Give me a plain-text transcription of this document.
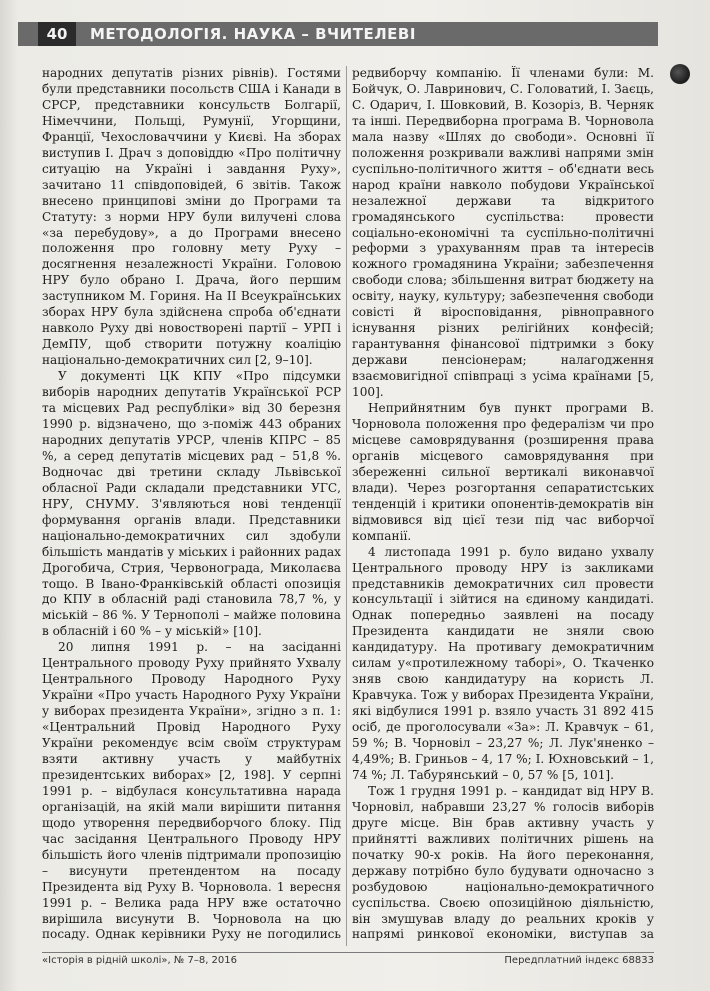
40	МЕТОДОЛОГІЯ. НАУКА – ВЧИТЕЛЕВІ

народних депутатів різних рівнів). Гостями були представники посольств США і Канади в СРСР, представники консульств Болгарії, Німеччини, Польщі, Румунії, Угорщини, Франції, Чехословаччини у Києві. На зборах виступив І. Драч з доповіддю «Про політичну ситуацію на Україні і завдання Руху», зачитано 11 співдоповідей, 6 звітів. Також внесено принципові зміни до Програми та Статуту: з норми НРУ були вилучені слова «за перебудову», а до Програми внесено положення про головну мету Руху – досягнення незалежності України. Головою НРУ було обрано І. Драча, його першим заступником М. Гориня. На II Всеукраїнських зборах НРУ була здійснена спроба об'єднати навколо Руху дві новостворені партії – УРП і ДемПУ, щоб створити потужну коаліцію національно-демократичних сил [2, 9–10].

У документі ЦК КПУ «Про підсумки виборів народних депутатів Української РСР та місцевих Рад республіки» від 30 березня 1990 р. відзначено, що з-поміж 443 обраних народних депутатів УРСР, членів КПРС – 85 %, а серед депутатів місцевих рад – 51,8 %. Водночас дві третини складу Львівської обласної Ради складали представники УГС, НРУ, СНУМУ. З'являються нові тенденції формування органів влади. Представники національно-демократичних сил здобули більшість мандатів у міських і районних радах Дрогобича, Стрия, Червонограда, Миколаєва тощо. В Івано-Франківській області опозиція до КПУ в обласній раді становила 78,7 %, у міській – 86 %. У Тернополі – майже половина в обласній і 60 % – у міській» [10].

20 липня 1991 р. – на засіданні Центрального проводу Руху прийнято Ухвалу Центрального Проводу Народного Руху України «Про участь Народного Руху України у виборах президента України», згідно з п. 1: «Центральний Провід Народного Руху України рекомендує всім своїм структурам взяти активну участь у майбутніх президентських виборах» [2, 198]. У серпні 1991 р. – відбулася консультативна нарада організацій, на якій мали вирішити питання щодо утворення передвиборчого блоку. Під час засідання Центрального Проводу НРУ більшість його членів підтримали пропозицію – висунути претендентом на посаду Президента від Руху В. Чорновола. 1 вересня 1991 р. – Велика рада НРУ вже остаточно вирішила висунути В. Чорновола на цю посаду. Однак керівники Руху не погодились

редвиборчу компанію. Її членами були: М. Бойчук, О. Лавринович, С. Головатий, І. Заєць, С. Одарич, І. Шовковий, В. Козоріз, В. Черняк та інші. Передвиборна програма В. Чорновола мала назву «Шлях до свободи». Основні її положення розкривали важливі напрями змін суспільно-політичного життя – об'єднати весь народ країни навколо побудови Української незалежної держави та відкритого громадянського суспільства: провести соціально-економічні та суспільно-політичні реформи з урахуванням прав та інтересів кожного громадянина України; забезпечення свободи слова; збільшення витрат бюджету на освіту, науку, культуру; забезпечення свободи совісті й віросповідання, рівноправного існування різних релігійних конфесій; гарантування фінансової підтримки з боку держави пенсіонерам; налагодження взаємовигідної співпраці з усіма країнами [5, 100].

Неприйнятним був пункт програми В. Чорновола положення про федералізм чи про місцеве самоврядування (розширення права органів місцевого самоврядування при збереженні сильної вертикалі виконавчої влади). Через розгортання сепаратистських тенденцій і критики опонентів-демократів він відмовився від цієї тези під час виборчої компанії.

4 листопада 1991 р. було видано ухвалу Центрального проводу НРУ із закликами представників демократичних сил провести консультації і зійтися на єдиному кандидаті. Однак попередньо заявлені на посаду Президента кандидати не зняли свою кандидатуру. На противагу демократичним силам у«протилежному таборі», О. Ткаченко зняв свою кандидатуру на користь Л. Кравчука. Тож у виборах Президента України, які відбулися 1991 р. взяло участь 31 892 415 осіб, де проголосували «За»: Л. Кравчук – 61, 59 %; В. Чорновіл – 23,27 %; Л. Лук'яненко – 4,49%; В. Гриньов – 4, 17 %; І. Юхновський – 1, 74 %; Л. Табурянський – 0, 57 % [5, 101].

Тож 1 грудня 1991 р. – кандидат від НРУ В. Чорновіл, набравши 23,27 % голосів виборів друге місце. Він брав активну участь у прийнятті важливих політичних рішень на початку 90-х років. На його переконання, державу потрібно було будувати одночасно з розбудовою національно-демократичного суспільства. Своєю опозиційною діяльністю, він змушував владу до реальних кроків у напрямі ринкової економіки, виступав за

«Історія в рідній школі», № 7–8, 2016	Передплатний індекс 68833
